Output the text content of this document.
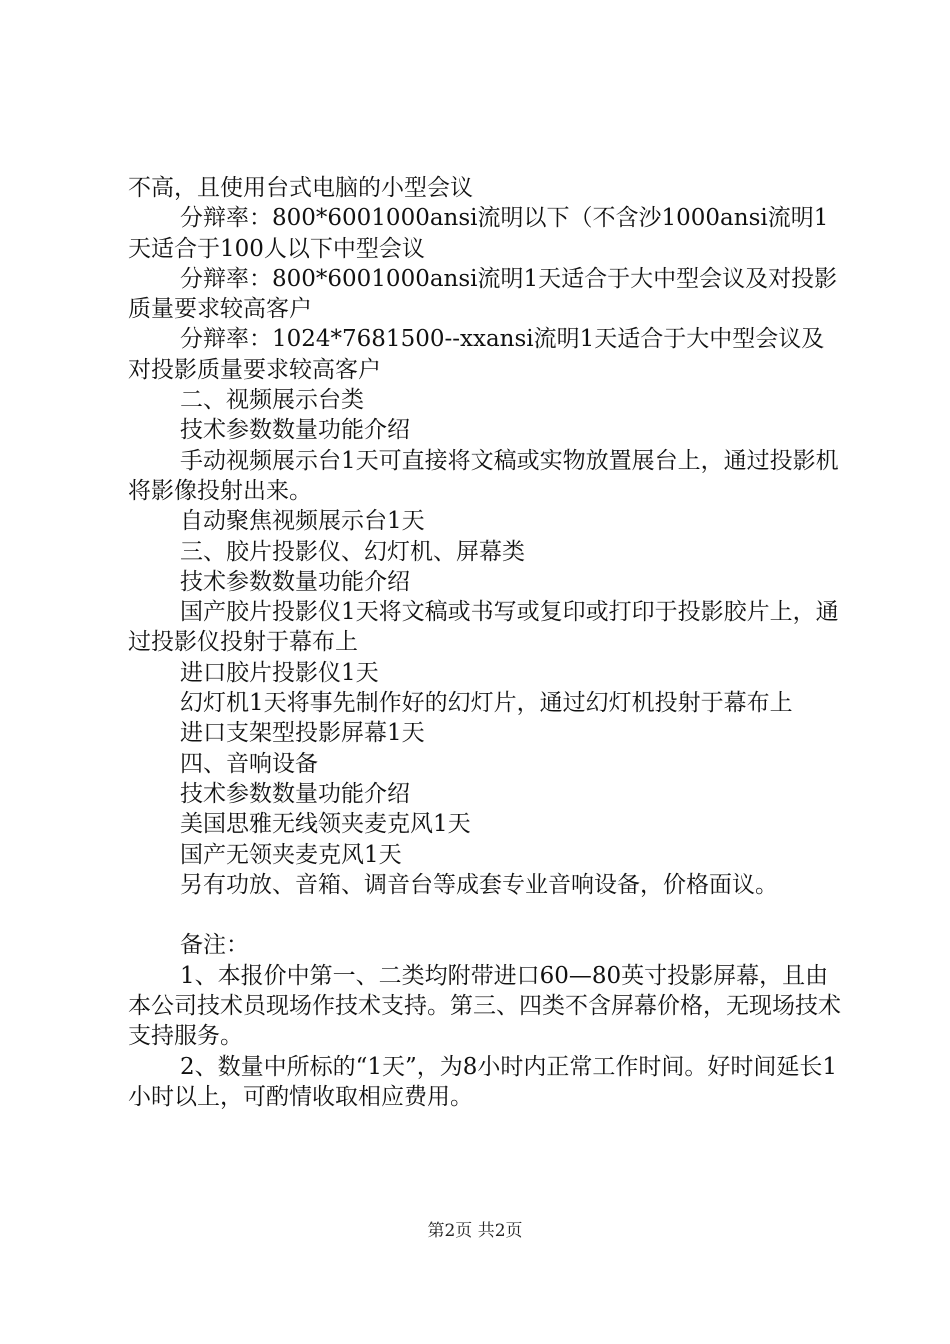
不高，且使用台式电脑的小型会议

分辩率：800*6001000ansi流明以下（不含沙1000ansi流明1天适合于100人以下中型会议

分辩率：800*6001000ansi流明1天适合于大中型会议及对投影质量要求较高客户

分辩率：1024*7681500--xxansi流明1天适合于大中型会议及对投影质量要求较高客户

二、视频展示台类

技术参数数量功能介绍

手动视频展示台1天可直接将文稿或实物放置展台上，通过投影机将影像投射出来。

自动聚焦视频展示台1天

三、胶片投影仪、幻灯机、屏幕类

技术参数数量功能介绍

国产胶片投影仪1天将文稿或书写或复印或打印于投影胶片上，通过投影仪投射于幕布上

进口胶片投影仪1天

幻灯机1天将事先制作好的幻灯片，通过幻灯机投射于幕布上

进口支架型投影屏幕1天

四、音响设备

技术参数数量功能介绍

美国思雅无线领夹麦克风1天

国产无领夹麦克风1天

另有功放、音箱、调音台等成套专业音响设备，价格面议。

备注：

1、本报价中第一、二类均附带进口60—80英寸投影屏幕，且由本公司技术员现场作技术支持。第三、四类不含屏幕价格，无现场技术支持服务。

2、数量中所标的“1天”，为8小时内正常工作时间。好时间延长1小时以上，可酌情收取相应费用。

第2页 共2页
